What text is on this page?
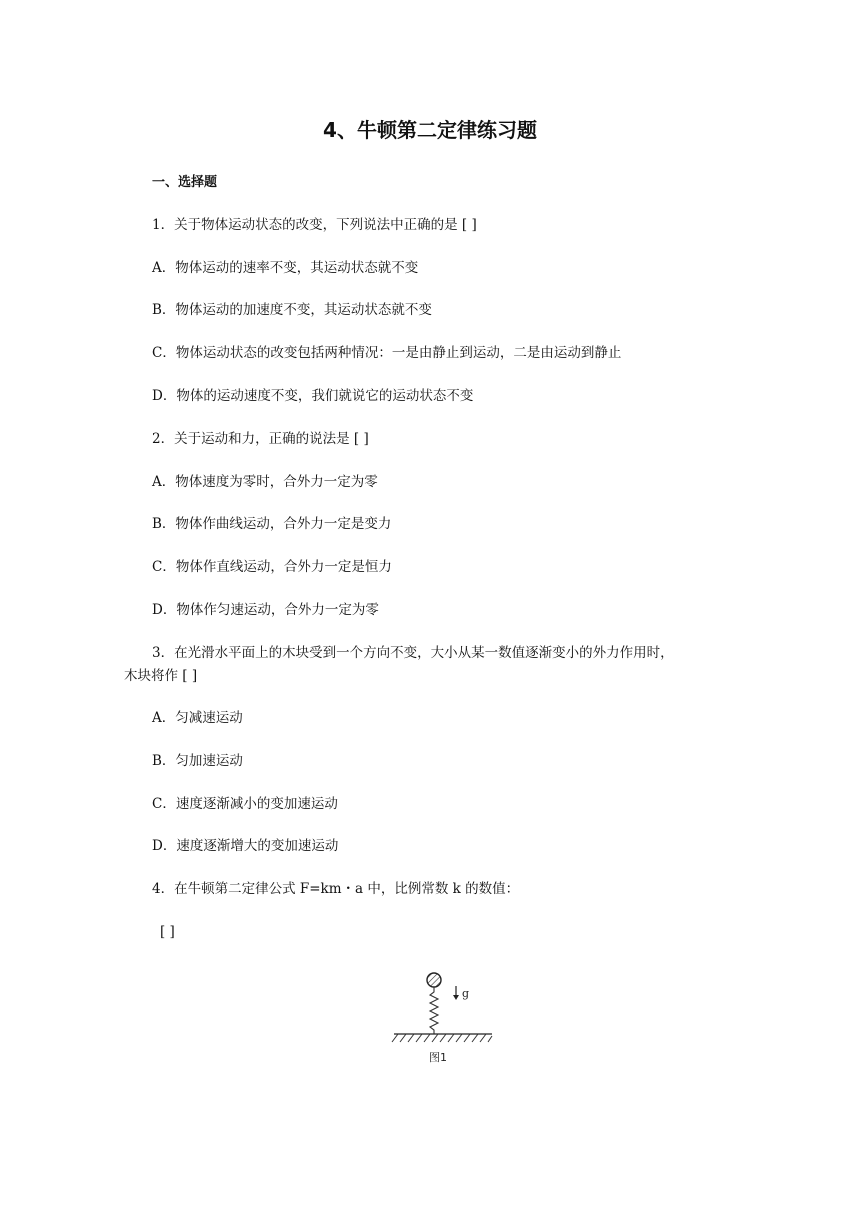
4、牛顿第二定律练习题
一、选择题
1．关于物体运动状态的改变，下列说法中正确的是 [ ]
A．物体运动的速率不变，其运动状态就不变
B．物体运动的加速度不变，其运动状态就不变
C．物体运动状态的改变包括两种情况：一是由静止到运动，二是由运动到静止
D．物体的运动速度不变，我们就说它的运动状态不变
2．关于运动和力，正确的说法是 [ ]
A．物体速度为零时，合外力一定为零
B．物体作曲线运动，合外力一定是变力
C．物体作直线运动，合外力一定是恒力
D．物体作匀速运动，合外力一定为零
3．在光滑水平面上的木块受到一个方向不变，大小从某一数值逐渐变小的外力作用时，
木块将作 [ ]
A．匀减速运动
B．匀加速运动
C．速度逐渐减小的变加速运动
D．速度逐渐增大的变加速运动
4．在牛顿第二定律公式 F=km・a 中，比例常数 k 的数值：
[ ]
g
图1
